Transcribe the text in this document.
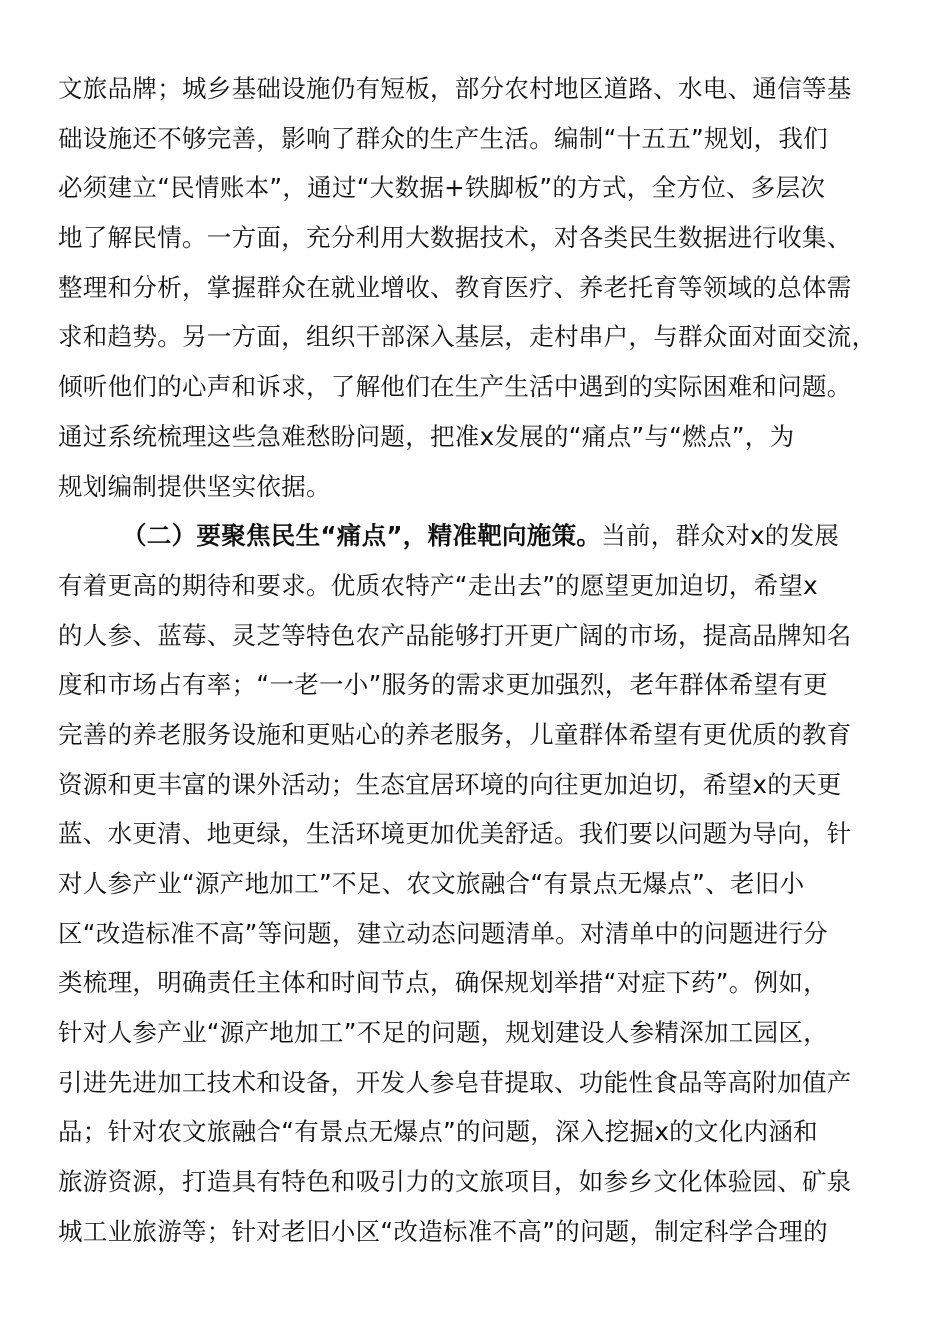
文旅品牌；城乡基础设施仍有短板，部分农村地区道路、水电、通信等基
础设施还不够完善，影响了群众的生产生活。编制“十五五”规划，我们
必须建立“民情账本”，通过“大数据+铁脚板”的方式，全方位、多层次
地了解民情。一方面，充分利用大数据技术，对各类民生数据进行收集、
整理和分析，掌握群众在就业增收、教育医疗、养老托育等领域的总体需
求和趋势。另一方面，组织干部深入基层，走村串户，与群众面对面交流，
倾听他们的心声和诉求，了解他们在生产生活中遇到的实际困难和问题。
通过系统梳理这些急难愁盼问题，把准x发展的“痛点”与“燃点”，为
规划编制提供坚实依据。
（二）要聚焦民生“痛点”，精准靶向施策。当前，群众对x的发展
有着更高的期待和要求。优质农特产“走出去”的愿望更加迫切，希望x
的人参、蓝莓、灵芝等特色农产品能够打开更广阔的市场，提高品牌知名
度和市场占有率；“一老一小”服务的需求更加强烈，老年群体希望有更
完善的养老服务设施和更贴心的养老服务，儿童群体希望有更优质的教育
资源和更丰富的课外活动；生态宜居环境的向往更加迫切，希望x的天更
蓝、水更清、地更绿，生活环境更加优美舒适。我们要以问题为导向，针
对人参产业“源产地加工”不足、农文旅融合“有景点无爆点”、老旧小
区“改造标准不高”等问题，建立动态问题清单。对清单中的问题进行分
类梳理，明确责任主体和时间节点，确保规划举措“对症下药”。例如，
针对人参产业“源产地加工”不足的问题，规划建设人参精深加工园区，
引进先进加工技术和设备，开发人参皂苷提取、功能性食品等高附加值产
品；针对农文旅融合“有景点无爆点”的问题，深入挖掘x的文化内涵和
旅游资源，打造具有特色和吸引力的文旅项目，如参乡文化体验园、矿泉
城工业旅游等；针对老旧小区“改造标准不高”的问题，制定科学合理的
